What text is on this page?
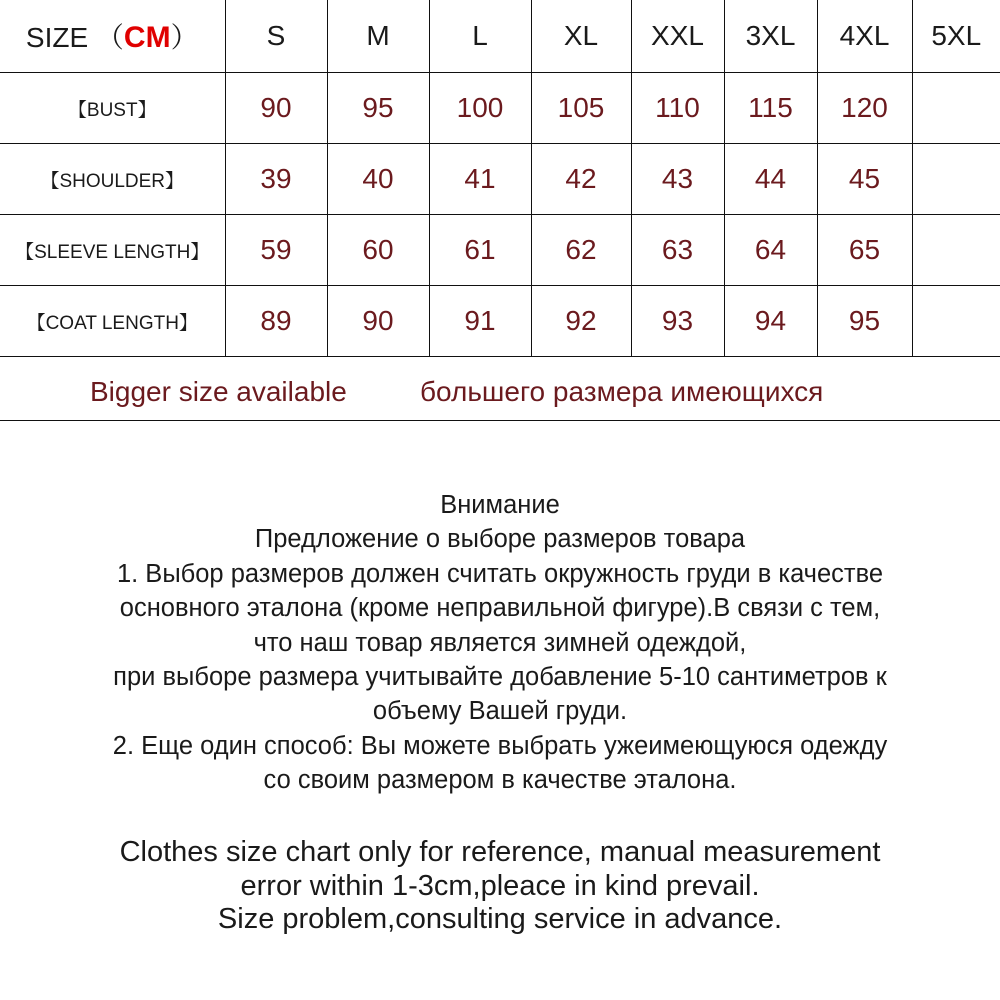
SIZE （CM）	S	M	L	XL	XXL	3XL	4XL	5XL
【BUST】	90	95	100	105	110	115	120	
【SHOULDER】	39	40	41	42	43	44	45	
【SLEEVE LENGTH】	59	60	61	62	63	64	65	
【COAT LENGTH】	89	90	91	92	93	94	95	
Bigger size available	большего размера имеющихся
Внимание
Предложение о выборе размеров товара
1. Выбор размеров должен считать окружность груди в качестве
основного эталона (кроме неправильной фигуре).В связи с тем,
что наш товар является зимней одеждой,
при выборе размера учитывайте добавление 5-10 сантиметров к
объему Вашей груди.
2. Еще один способ: Вы можете выбрать ужеимеющуюся одежду
со своим размером в качестве эталона.
Clothes size chart only for reference, manual measurement
error within 1-3cm,pleace in kind prevail.
Size problem,consulting service in advance.
